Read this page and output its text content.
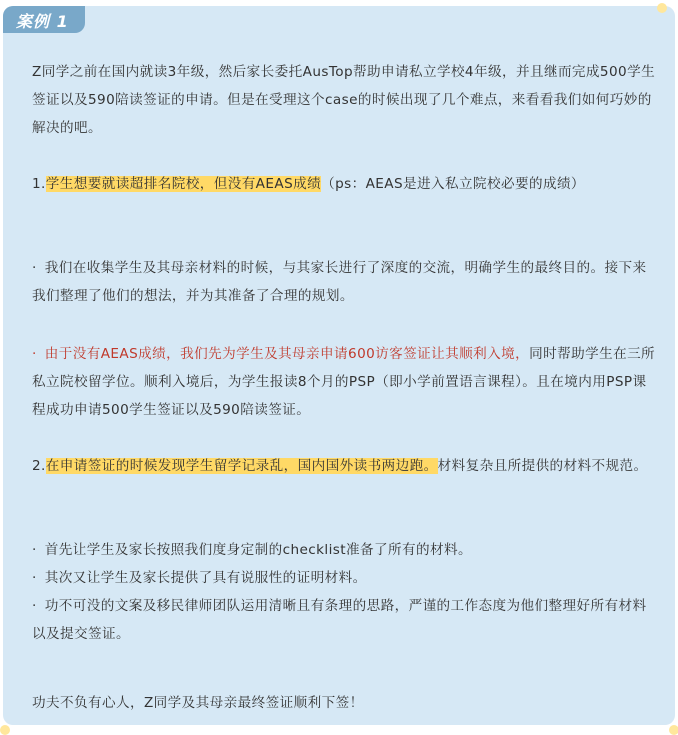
案例 1

Z同学之前在国内就读3年级，然后家长委托AusTop帮助申请私立学校4年级，并且继而完成500学生签证以及590陪读签证的申请。但是在受理这个case的时候出现了几个难点，来看看我们如何巧妙的解决的吧。

1.学生想要就读超排名院校，但没有AEAS成绩（ps：AEAS是进入私立院校必要的成绩）

· 我们在收集学生及其母亲材料的时候，与其家长进行了深度的交流，明确学生的最终目的。接下来我们整理了他们的想法，并为其准备了合理的规划。

· 由于没有AEAS成绩，我们先为学生及其母亲申请600访客签证让其顺利入境，同时帮助学生在三所私立院校留学位。顺利入境后，为学生报读8个月的PSP（即小学前置语言课程）。且在境内用PSP课程成功申请500学生签证以及590陪读签证。

2.在申请签证的时候发现学生留学记录乱，国内国外读书两边跑。材料复杂且所提供的材料不规范。

· 首先让学生及家长按照我们度身定制的checklist准备了所有的材料。

· 其次又让学生及家长提供了具有说服性的证明材料。

· 功不可没的文案及移民律师团队运用清晰且有条理的思路，严谨的工作态度为他们整理好所有材料以及提交签证。

功夫不负有心人，Z同学及其母亲最终签证顺利下签！
